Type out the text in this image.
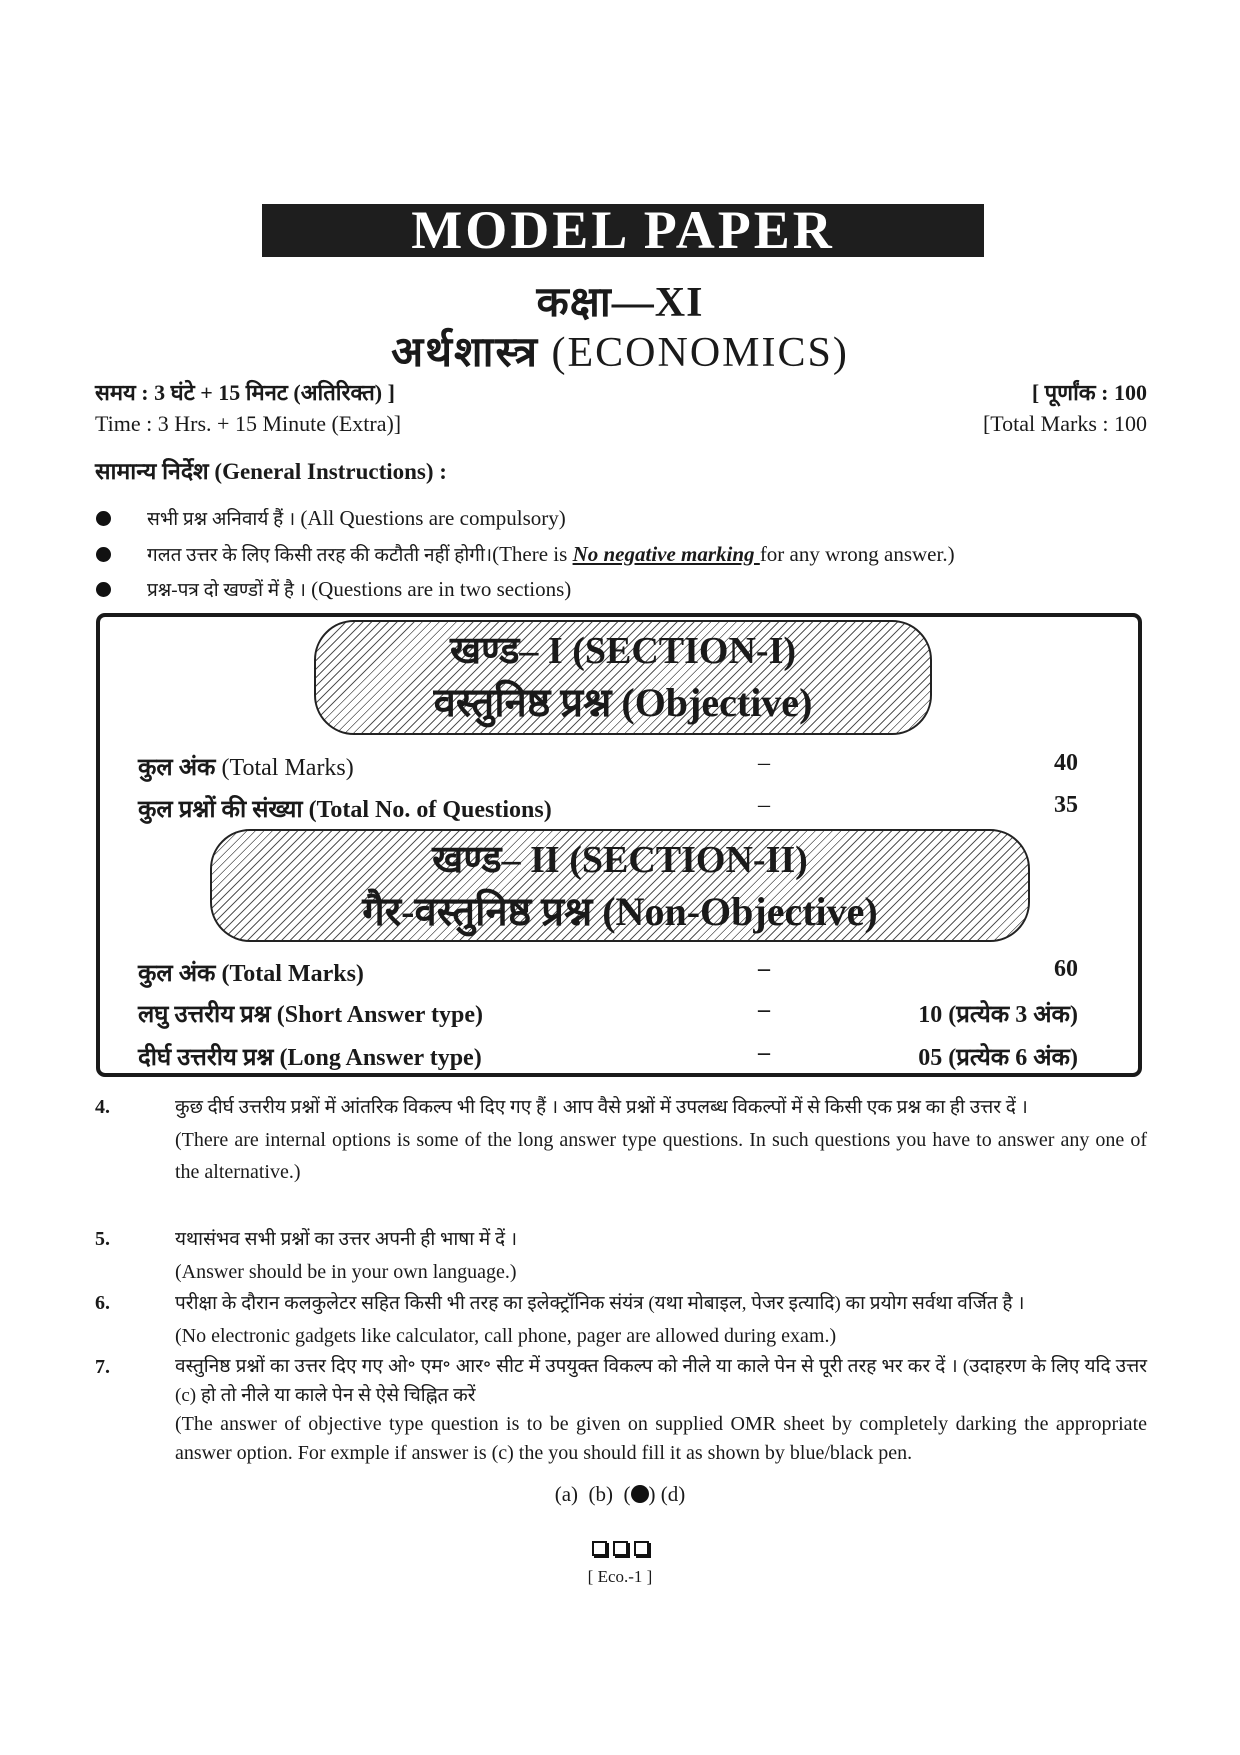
MODEL PAPER
कक्षा—XI
अर्थशास्त्र (ECONOMICS)
समय : 3 घंटे + 15 मिनट (अतिरिक्त) ]	[ पूर्णांक : 100
Time : 3 Hrs. + 15 Minute (Extra)]	[Total Marks : 100
सामान्य निर्देश (General Instructions) :
सभी प्रश्न अनिवार्य हैं ।
(All Questions are compulsory)
गलत उत्तर के लिए किसी तरह की कटौती नहीं होगी। (There is No negative marking for any wrong answer.)
प्रश्न-पत्र दो खण्डों में है ।
(Questions are in two sections)
खण्ड– I (SECTION-I)
वस्तुनिष्ठ प्रश्न (Objective)
कुल अंक (Total Marks)	–	40
कुल प्रश्नों की संख्या (Total No. of Questions)	–	35
खण्ड– II (SECTION-II)
गैर-वस्तुनिष्ठ प्रश्न (Non-Objective)
कुल अंक (Total Marks)	–	60
लघु उत्तरीय प्रश्न (Short Answer type)	–	10 (प्रत्येक 3 अंक)
दीर्घ उत्तरीय प्रश्न (Long Answer type)	–	05 (प्रत्येक 6 अंक)
4.	कुछ दीर्घ उत्तरीय प्रश्नों में आंतरिक विकल्प भी दिए गए हैं । आप वैसे प्रश्नों में उपलब्ध विकल्पों में से किसी एक प्रश्न का ही उत्तर दें ।
(There are internal options is some of the long answer type questions. In such questions you have to answer any one of the alternative.)
5.	यथासंभव सभी प्रश्नों का उत्तर अपनी ही भाषा में दें ।
(Answer should be in your own language.)
6.	परीक्षा के दौरान कलकुलेटर सहित किसी भी तरह का इलेक्ट्रॉनिक संयंत्र (यथा मोबाइल, पेजर इत्यादि) का प्रयोग सर्वथा वर्जित है ।
(No electronic gadgets like calculator, call phone, pager are allowed during exam.)
7.	वस्तुनिष्ठ प्रश्नों का उत्तर दिए गए ओ॰ एम॰ आर॰ सीट में उपयुक्त विकल्प को नीले या काले पेन से पूरी तरह भर कर दें । (उदाहरण के लिए यदि उत्तर (c) हो तो नीले या काले पेन से ऐसे चिह्नित करें
(The answer of objective type question is to be given on supplied OMR sheet by completely darking the appropriate answer option. For exmple if answer is (c) the you should fill it as shown by blue/black pen.
(a) (b) ( ) (d)

[ Eco.-1 ]
